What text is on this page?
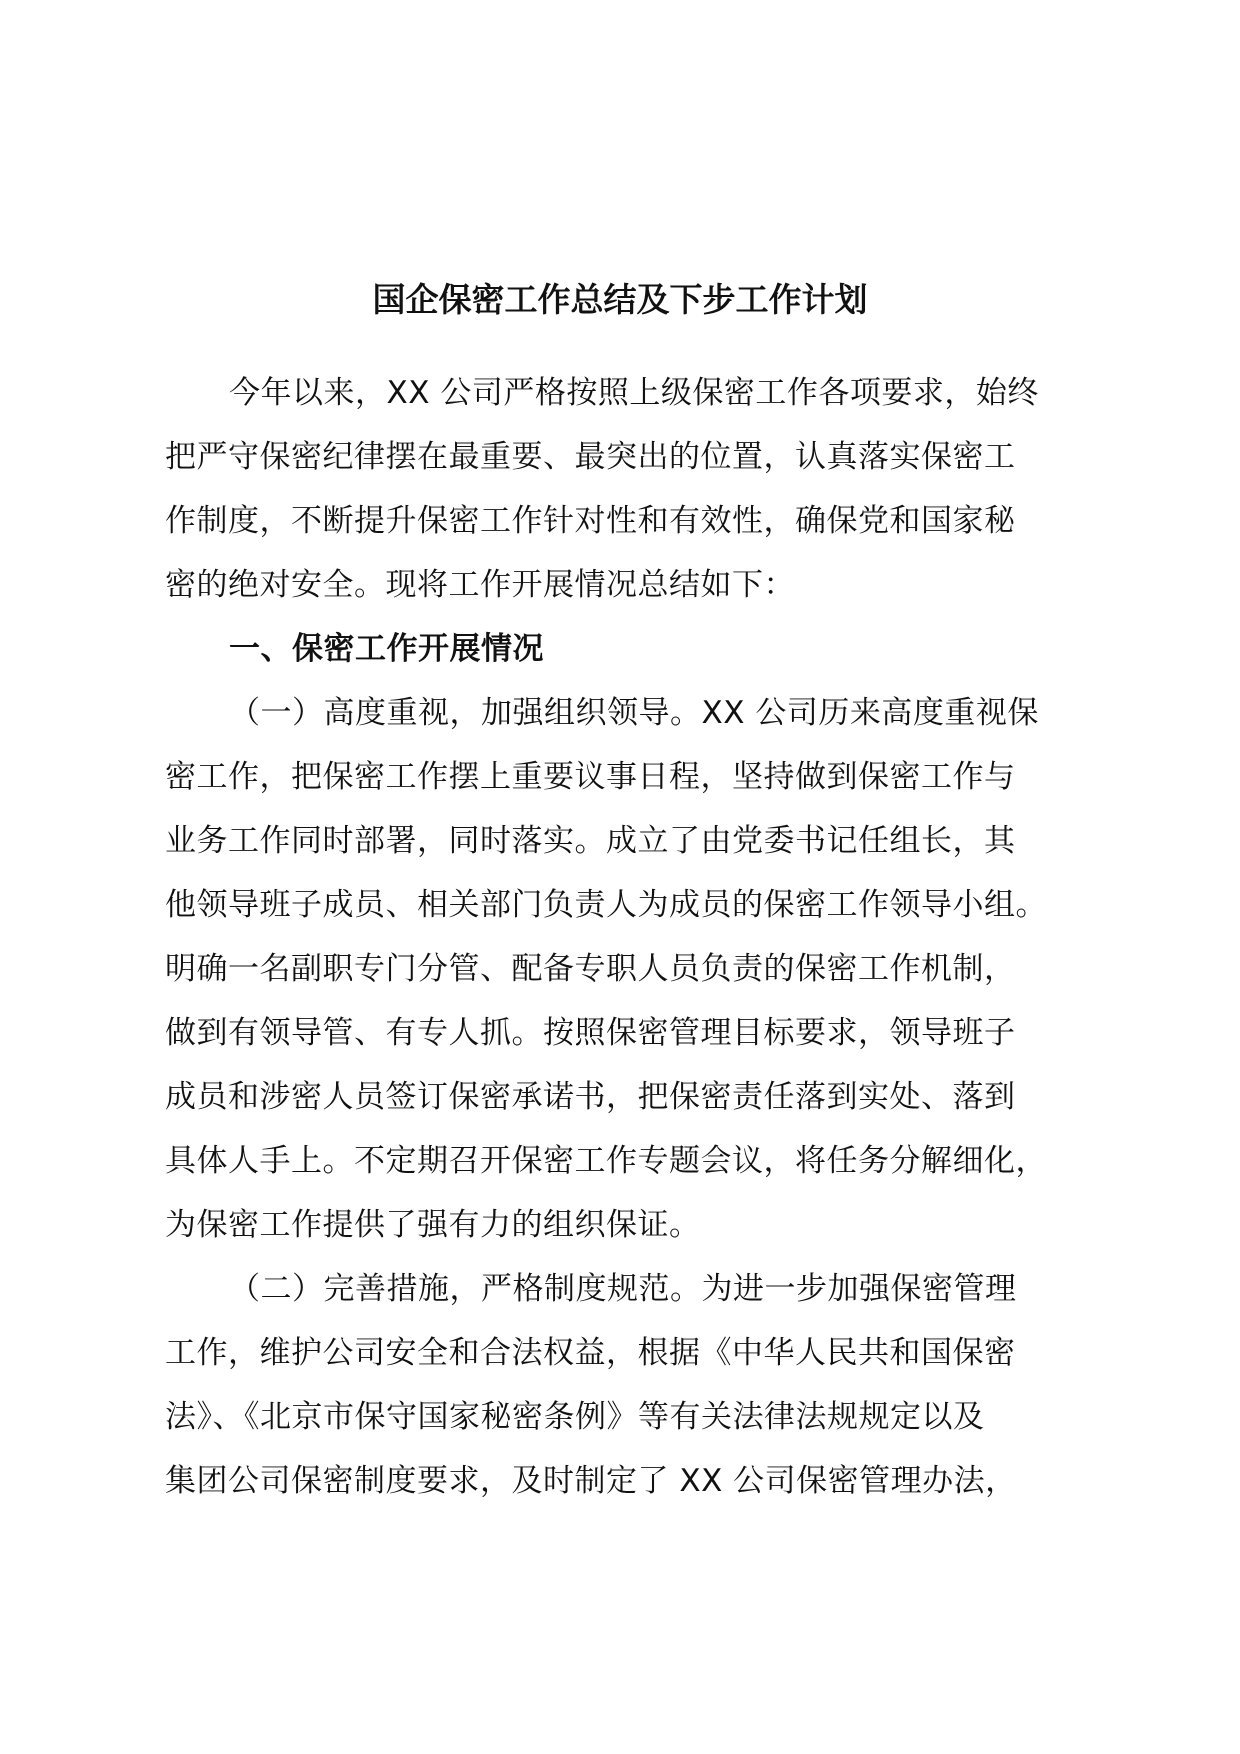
国企保密工作总结及下步工作计划
今年以来，XX 公司严格按照上级保密工作各项要求，始终
把严守保密纪律摆在最重要、最突出的位置，认真落实保密工
作制度，不断提升保密工作针对性和有效性，确保党和国家秘
密的绝对安全。现将工作开展情况总结如下：
一、保密工作开展情况
（一）高度重视，加强组织领导。XX 公司历来高度重视保
密工作，把保密工作摆上重要议事日程，坚持做到保密工作与
业务工作同时部署，同时落实。成立了由党委书记任组长，其
他领导班子成员、相关部门负责人为成员的保密工作领导小组。
明确一名副职专门分管、配备专职人员负责的保密工作机制，
做到有领导管、有专人抓。按照保密管理目标要求，领导班子
成员和涉密人员签订保密承诺书，把保密责任落到实处、落到
具体人手上。不定期召开保密工作专题会议，将任务分解细化，
为保密工作提供了强有力的组织保证。
（二）完善措施，严格制度规范。为进一步加强保密管理
工作，维护公司安全和合法权益，根据《中华人民共和国保密
法》、《北京市保守国家秘密条例》等有关法律法规规定以及
集团公司保密制度要求，及时制定了 XX 公司保密管理办法，
